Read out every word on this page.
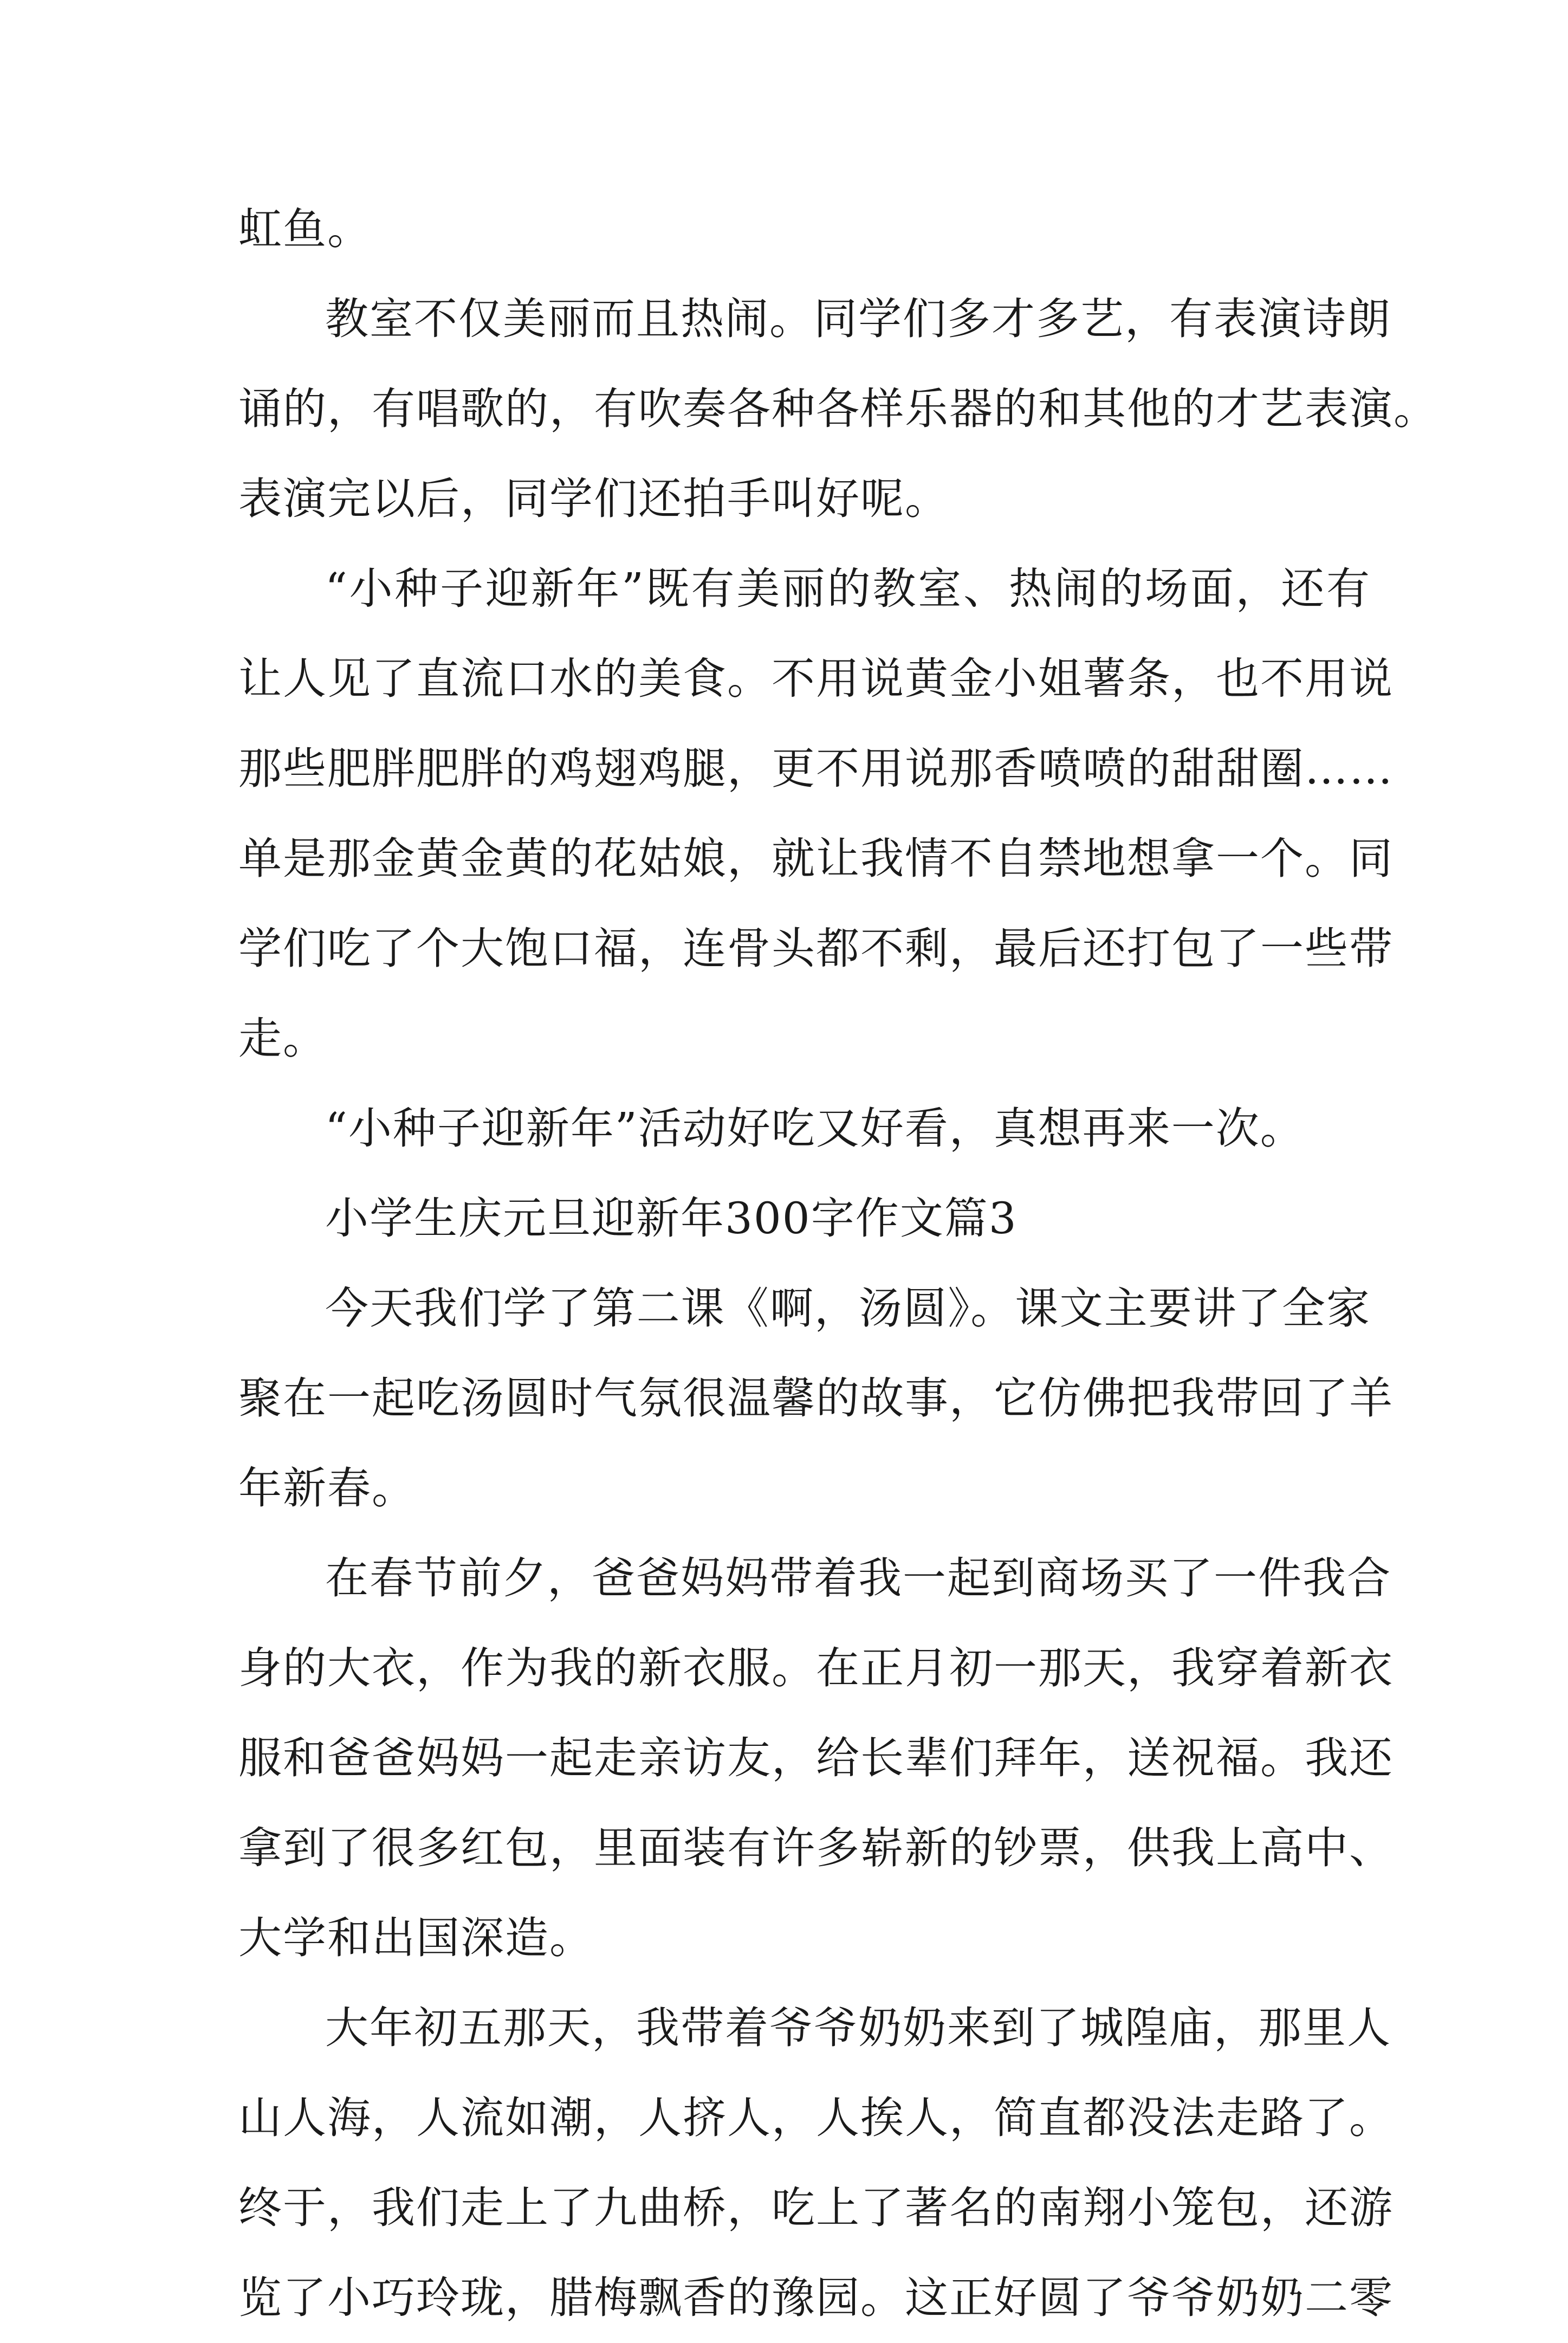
虹鱼。
教室不仅美丽而且热闹。同学们多才多艺，有表演诗朗
诵的，有唱歌的，有吹奏各种各样乐器的和其他的才艺表演。
表演完以后，同学们还拍手叫好呢。
“小种子迎新年”既有美丽的教室、热闹的场面，还有
让人见了直流口水的美食。不用说黄金小姐薯条，也不用说
那些肥胖肥胖的鸡翅鸡腿，更不用说那香喷喷的甜甜圈……
单是那金黄金黄的花姑娘，就让我情不自禁地想拿一个。同
学们吃了个大饱口福，连骨头都不剩，最后还打包了一些带
走。
“小种子迎新年”活动好吃又好看，真想再来一次。
小学生庆元旦迎新年300字作文篇3
今天我们学了第二课《啊，汤圆》。课文主要讲了全家
聚在一起吃汤圆时气氛很温馨的故事，它仿佛把我带回了羊
年新春。
在春节前夕，爸爸妈妈带着我一起到商场买了一件我合
身的大衣，作为我的新衣服。在正月初一那天，我穿着新衣
服和爸爸妈妈一起走亲访友，给长辈们拜年，送祝福。我还
拿到了很多红包，里面装有许多崭新的钞票，供我上高中、
大学和出国深造。
大年初五那天，我带着爷爷奶奶来到了城隍庙，那里人
山人海，人流如潮，人挤人，人挨人，简直都没法走路了。
终于，我们走上了九曲桥，吃上了著名的南翔小笼包，还游
览了小巧玲珑，腊梅飘香的豫园。这正好圆了爷爷奶奶二零
